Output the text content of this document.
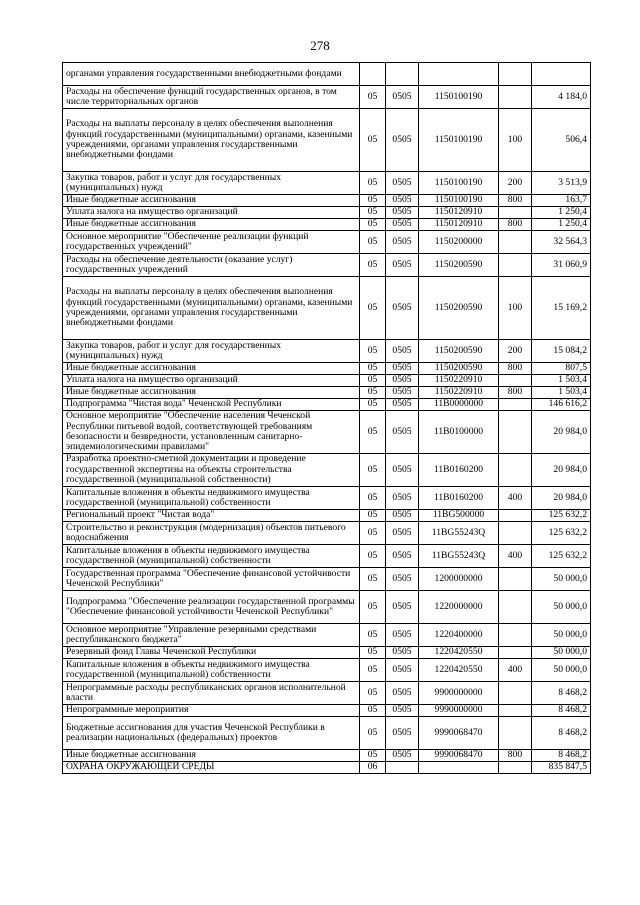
278
органами управления государственными внебюджетными фондами					
Расходы на обеспечение функций государственных органов, в том числе территориальных органов	05	0505	1150100190		4 184,0
Расходы на выплаты персоналу в целях обеспечения выполнения функций государственными (муниципальными) органами, казенными учреждениями, органами управления государственными внебюджетными фондами	05	0505	1150100190	100	506,4
Закупка товаров, работ и услуг для государственных (муниципальных) нужд	05	0505	1150100190	200	3 513,9
Иные бюджетные ассигнования	05	0505	1150100190	800	163,7
Уплата налога на имущество организаций	05	0505	1150120910		1 250,4
Иные бюджетные ассигнования	05	0505	1150120910	800	1 250,4
Основное мероприятие "Обеспечение реализации функций государственных учреждений"	05	0505	1150200000		32 564,3
Расходы на обеспечение деятельности (оказание услуг) государственных учреждений	05	0505	1150200590		31 060,9
Расходы на выплаты персоналу в целях обеспечения выполнения функций государственными (муниципальными) органами, казенными учреждениями, органами управления государственными внебюджетными фондами	05	0505	1150200590	100	15 169,2
Закупка товаров, работ и услуг для государственных (муниципальных) нужд	05	0505	1150200590	200	15 084,2
Иные бюджетные ассигнования	05	0505	1150200590	800	807,5
Уплата налога на имущество организаций	05	0505	1150220910		1 503,4
Иные бюджетные ассигнования	05	0505	1150220910	800	1 503,4
Подпрограмма "Чистая вода" Чеченской Республики	05	0505	11В0000000		146 616,2
Основное мероприятие "Обеспечение населения Чеченской Республики питьевой водой, соответствующей требованиям безопасности и безвредности, установленным санитарно-эпидемиологическими правилами"	05	0505	11В0100000		20 984,0
Разработка проектно-сметной документации и проведение государственной экспертизы на объекты строительства государственной (муниципальной собственности)	05	0505	11В0160200		20 984,0
Капитальные вложения в объекты недвижимого имущества государственной (муниципальной) собственности	05	0505	11В0160200	400	20 984,0
Региональный проект "Чистая вода"	05	0505	11BG500000		125 632,2
Строительство и реконструкция (модернизация) объектов питьевого водоснабжения	05	0505	11BG55243Q		125 632,2
Капитальные вложения в объекты недвижимого имущества государственной (муниципальной) собственности	05	0505	11BG55243Q	400	125 632,2
Государственная программа "Обеспечение финансовой устойчивости Чеченской Республики"	05	0505	1200000000		50 000,0
Подпрограмма "Обеспечение реализации государственной программы "Обеспечение финансовой устойчивости Чеченской Республики"	05	0505	1220000000		50 000,0
Основное мероприятие "Управление резервными средствами республиканского бюджета"	05	0505	1220400000		50 000,0
Резервный фонд Главы Чеченской Республики	05	0505	1220420550		50 000,0
Капитальные вложения в объекты недвижимого имущества государственной (муниципальной) собственности	05	0505	1220420550	400	50 000,0
Непрограммные расходы республиканских органов исполнительной власти	05	0505	9900000000		8 468,2
Непрограммные мероприятия	05	0505	9990000000		8 468,2
Бюджетные ассигнования для участия Чеченской Республики в реализации национальных (федеральных) проектов	05	0505	9990068470		8 468,2
Иные бюджетные ассигнования	05	0505	9990068470	800	8 468,2
ОХРАНА ОКРУЖАЮЩЕЙ СРЕДЫ	06				835 847,5
